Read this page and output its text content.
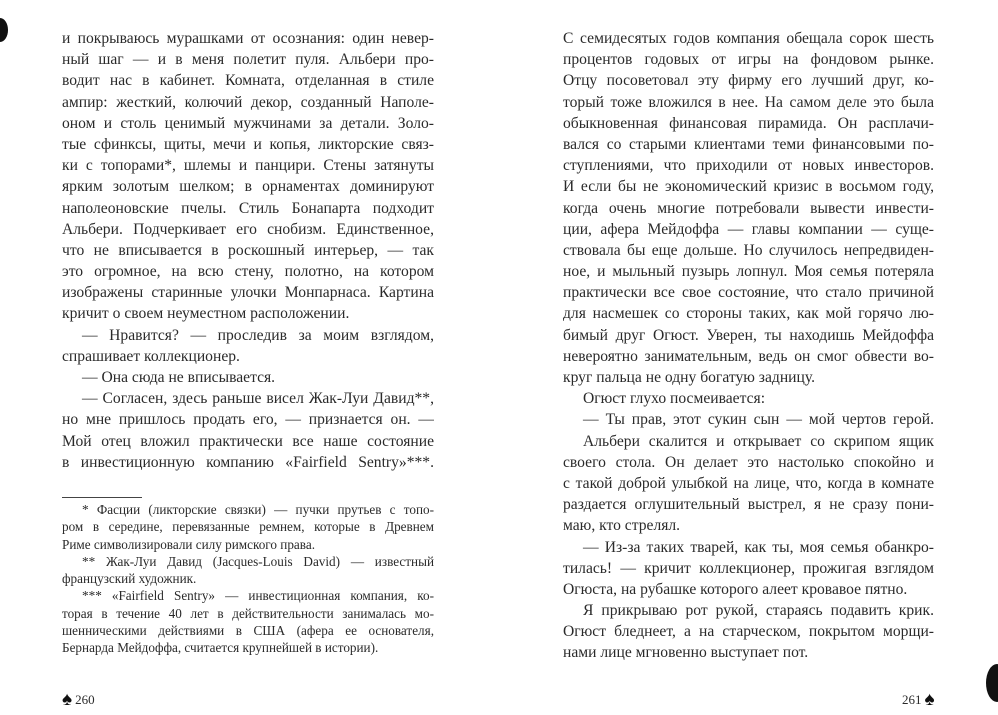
и покрываюсь мурашками от осознания: один невер-
ный шаг — и в меня полетит пуля. Альбери про-
водит нас в кабинет. Комната, отделанная в стиле
ампир: жесткий, колючий декор, созданный Наполе-
оном и столь ценимый мужчинами за детали. Золо-
тые сфинксы, щиты, мечи и копья, ликторские связ-
ки с топорами*, шлемы и панцири. Стены затянуты
ярким золотым шелком; в орнаментах доминируют
наполеоновские пчелы. Стиль Бонапарта подходит
Альбери. Подчеркивает его снобизм. Единственное,
что не вписывается в роскошный интерьер, — так
это огромное, на всю стену, полотно, на котором
изображены старинные улочки Монпарнаса. Картина
кричит о своем неуместном расположении.
— Нравится? — проследив за моим взглядом,
спрашивает коллекционер.
— Она сюда не вписывается.
— Согласен, здесь раньше висел Жак-Луи Давид**,
но мне пришлось продать его, — признается он. —
Мой отец вложил практически все наше состояние
в инвестиционную компанию «Fairfield Sentry»***.
* Фасции (ликторские связки) — пучки прутьев с топо-
ром в середине, перевязанные ремнем, которые в Древнем
Риме символизировали силу римского права.
** Жак-Луи Давид (Jacques-Louis David) — известный
французский художник.
*** «Fairfield Sentry» — инвестиционная компания, ко-
торая в течение 40 лет в действительности занималась мо-
шенническими действиями в США (афера ее основателя,
Бернарда Мейдоффа, считается крупнейшей в истории).
С семидесятых годов компания обещала сорок шесть
процентов годовых от игры на фондовом рынке.
Отцу посоветовал эту фирму его лучший друг, ко-
торый тоже вложился в нее. На самом деле это была
обыкновенная финансовая пирамида. Он расплачи-
вался со старыми клиентами теми финансовыми по-
ступлениями, что приходили от новых инвесторов.
И если бы не экономический кризис в восьмом году,
когда очень многие потребовали вывести инвести-
ции, афера Мейдоффа — главы компании — суще-
ствовала бы еще дольше. Но случилось непредвиден-
ное, и мыльный пузырь лопнул. Моя семья потеряла
практически все свое состояние, что стало причиной
для насмешек со стороны таких, как мой горячо лю-
бимый друг Огюст. Уверен, ты находишь Мейдоффа
невероятно занимательным, ведь он смог обвести во-
круг пальца не одну богатую задницу.
Огюст глухо посмеивается:
— Ты прав, этот сукин сын — мой чертов герой.
Альбери скалится и открывает со скрипом ящик
своего стола. Он делает это настолько спокойно и
с такой доброй улыбкой на лице, что, когда в комнате
раздается оглушительный выстрел, я не сразу пони-
маю, кто стрелял.
— Из-за таких тварей, как ты, моя семья обанкро-
тилась! — кричит коллекционер, прожигая взглядом
Огюста, на рубашке которого алеет кровавое пятно.
Я прикрываю рот рукой, стараясь подавить крик.
Огюст бледнеет, а на старческом, покрытом морщи-
нами лице мгновенно выступает пот.
♠ 260	261 ♠
